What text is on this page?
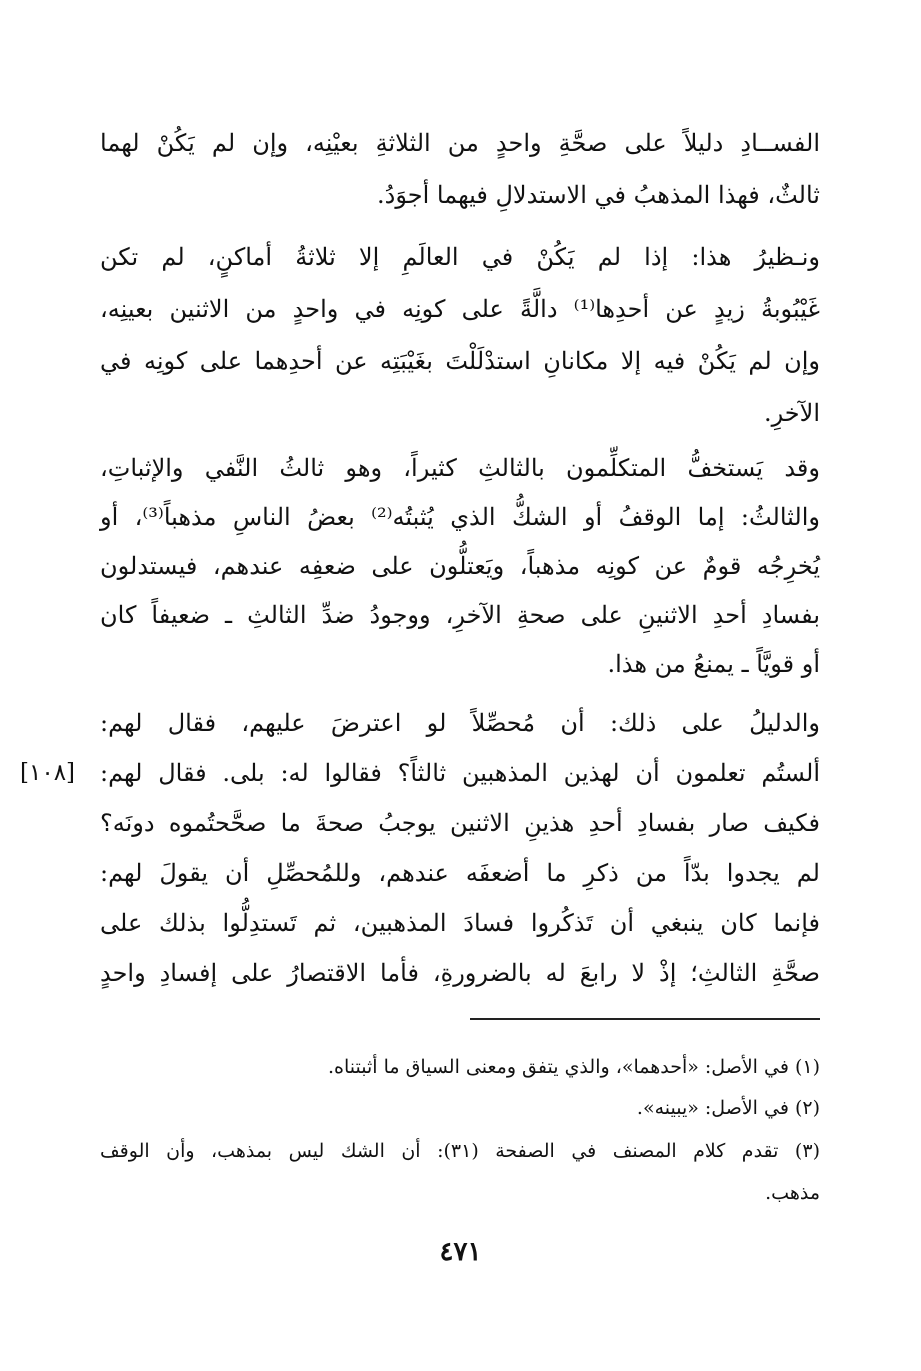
الفســادِ دليلاً على صحَّةِ واحدٍ من الثلاثةِ بعيْنِه، وإن لم يَكُنْ لهما
ثالثٌ، فهذا المذهبُ في الاستدلالِ فيهما أجوَدُ.
ونـظيرُ هذا: إذا لم يَكُنْ في العالَمِ إلا ثلاثةُ أماكنٍ، لم تكن
غَيْبُوبةُ زيدٍ عن أحدِها⁽¹⁾ دالَّةً على كونِه في واحدٍ من الاثنين بعينِه،
وإن لم يَكُنْ فيه إلا مكانانِ استدْلَلْتَ بغَيْبَتِه عن أحدِهما على كونِه في
الآخرِ.
وقد يَستخفُّ المتكلِّمون بالثالثِ كثيراً، وهو ثالثُ النَّفي والإثباتِ،
والثالثُ: إما الوقفُ أو الشكُّ الذي يُثبتُه⁽²⁾ بعضُ الناسِ مذهباً⁽³⁾، أو
يُخرِجُه قومٌ عن كونِه مذهباً، ويَعتلُّون على ضعفِه عندهم، فيستدلون
بفسادِ أحدِ الاثنينِ على صحةِ الآخرِ، ووجودُ ضدِّ الثالثِ ـ ضعيفاً كان
أو قويَّاً ـ يمنعُ من هذا.
والدليلُ على ذلك: أن مُحصِّلاً لو اعترضَ عليهم، فقال لهم:
ألستُم تعلمون أن لهذين المذهبين ثالثاً؟ فقالوا له: بلى. فقال لهم:
فكيف صار بفسادِ أحدِ هذينِ الاثنين يوجبُ صحةَ ما صحَّحتُموه دونَه؟
لم يجدوا بدّاً من ذكرِ ما أضعفَه عندهم، وللمُحصِّلِ أن يقولَ لهم:
فإنما كان ينبغي أن تَذكُروا فسادَ المذهبين، ثم تَستدِلُّوا بذلك على
صحَّةِ الثالثِ؛ إذْ لا رابعَ له بالضرورةِ، فأما الاقتصارُ على إفسادِ واحدٍ
[١٠٨]
(١) في الأصل: «أحدهما»، والذي يتفق ومعنى السياق ما أثبتناه.
(٢) في الأصل: «يبينه».
(٣) تقدم كلام المصنف في الصفحة (٣١): أن الشك ليس بمذهب، وأن الوقف
مذهب.
٤٧١
